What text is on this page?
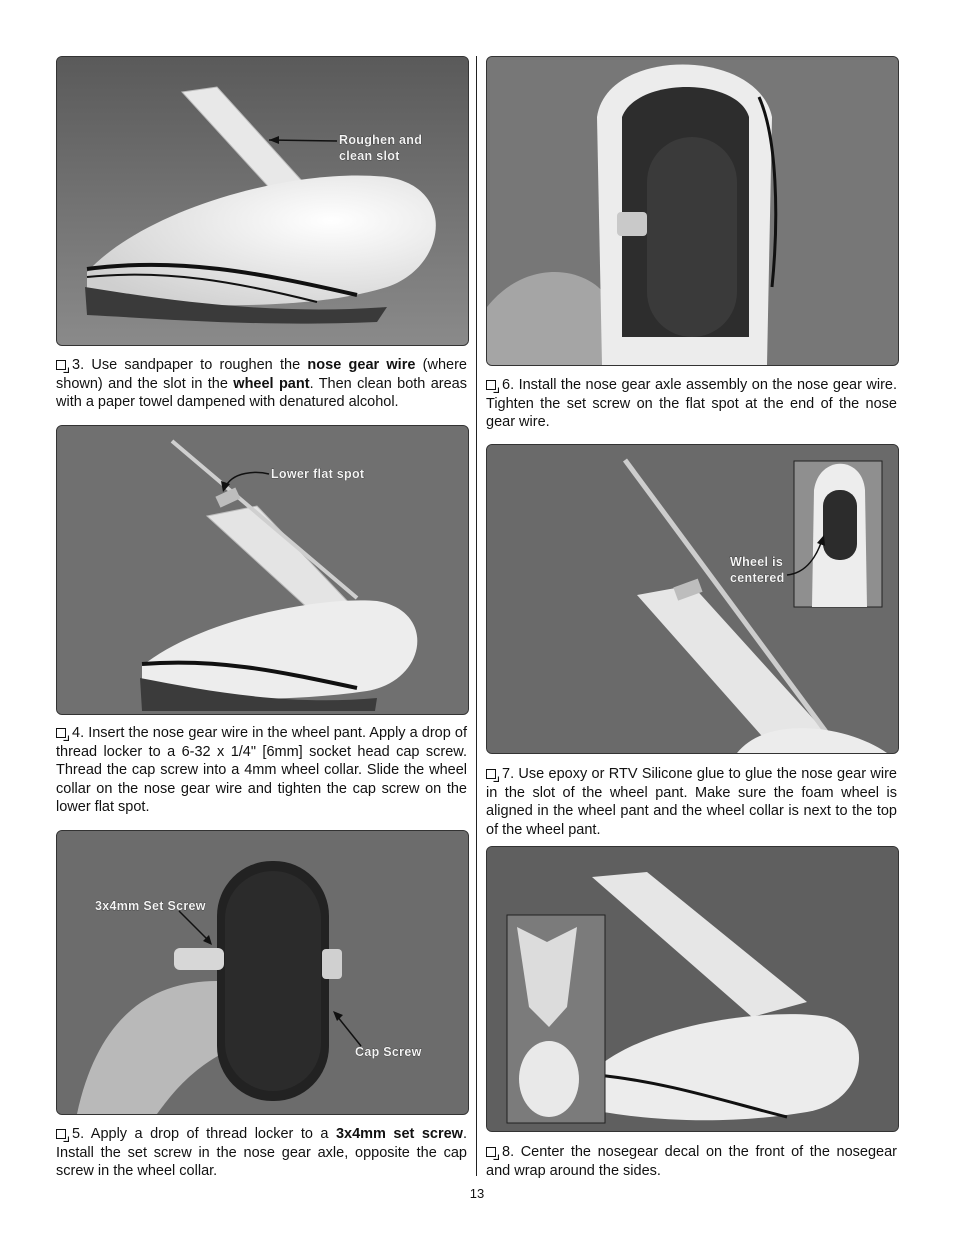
Roughen and
clean slot
3. Use sandpaper to roughen the nose gear wire (where shown) and the slot in the wheel pant. Then clean both areas with a paper towel dampened with denatured alcohol.
Lower flat spot
4. Insert the nose gear wire in the wheel pant. Apply a drop of thread locker to a 6-32 x 1/4" [6mm] socket head cap screw. Thread the cap screw into a 4mm wheel collar. Slide the wheel collar on the nose gear wire and tighten the cap screw on the lower flat spot.
3x4mm Set Screw
Cap Screw
5. Apply a drop of thread locker to a 3x4mm set screw. Install the set screw in the nose gear axle, opposite the cap screw in the wheel collar.
6. Install the nose gear axle assembly on the nose gear wire. Tighten the set screw on the flat spot at the end of the nose gear wire.
Wheel is
centered
7. Use epoxy or RTV Silicone glue to glue the nose gear wire in the slot of the wheel pant. Make sure the foam wheel is aligned in the wheel pant and the wheel collar is next to the top of the wheel pant.
8. Center the nosegear decal on the front of the nosegear and wrap around the sides.
13
